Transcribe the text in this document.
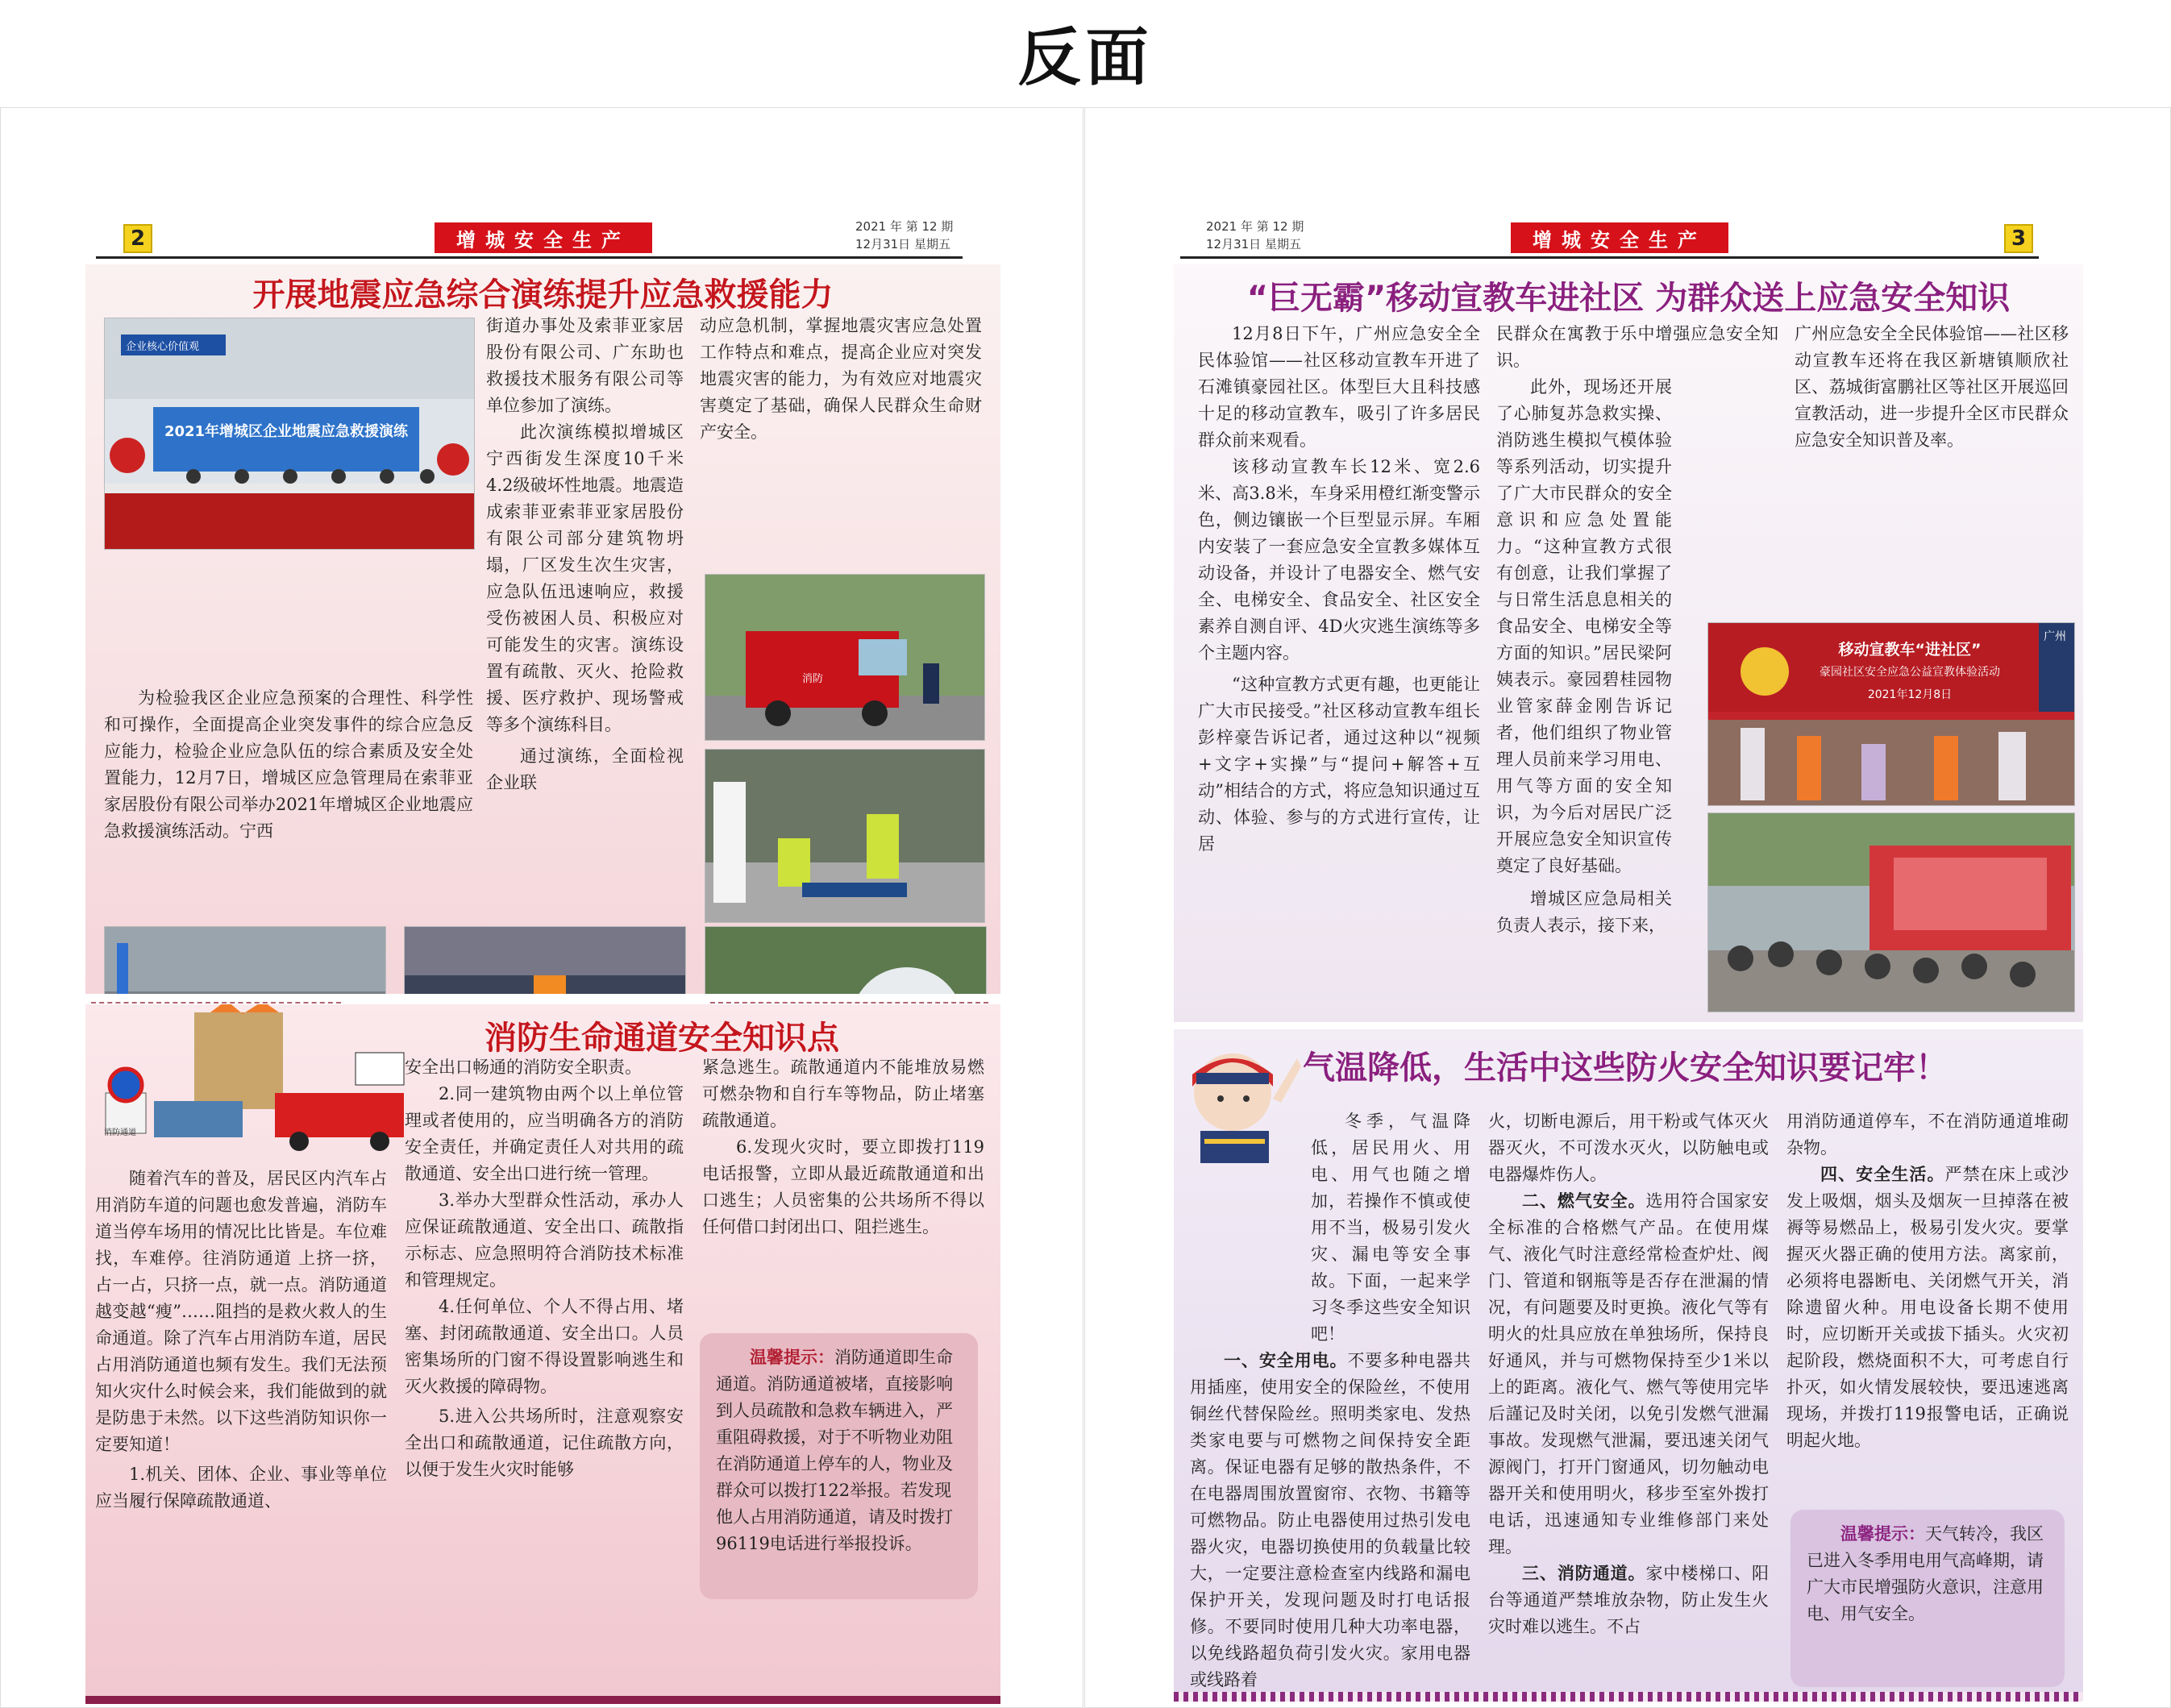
反面
2	增城安全生产
2021 年 第 12 期
12月31日 星期五
开展地震应急综合演练提升应急救援能力
企业核心价值观
2021年增城区企业地震应急救援演练

为检验我区企业应急预案的合理性、科学性和可操作，全面提高企业突发事件的综合应急反应能力，检验企业应急队伍的综合素质及安全处置能力，12月7日，增城区应急管理局在索菲亚家居股份有限公司举办2021年增城区企业地震应急救援演练活动。宁西

街道办事处及索菲亚家居股份有限公司、广东助也救援技术服务有限公司等单位参加了演练。

此次演练模拟增城区宁西街发生深度10千米4.2级破坏性地震。地震造成索菲亚索菲亚家居股份有限公司部分建筑物坍塌，厂区发生次生灾害，应急队伍迅速响应，救援受伤被困人员、积极应对可能发生的灾害。演练设置有疏散、灭火、抢险救援、医疗救护、现场警戒等多个演练科目。

通过演练，全面检视企业联

动应急机制，掌握地震灾害应急处置工作特点和难点，提高企业应对突发地震灾害的能力，为有效应对地震灾害奠定了基础，确保人民群众生命财产安全。

消防
消防生命通道安全知识点
消防通道

随着汽车的普及，居民区内汽车占用消防车道的问题也愈发普遍，消防车道当停车场用的情况比比皆是。车位难找，车难停。往消防通道 上挤一挤，占一占，只挤一点，就一点。消防通道越变越“瘦”……阻挡的是救火救人的生命通道。除了汽车占用消防车道，居民占用消防通道也频有发生。我们无法预知火灾什么时候会来，我们能做到的就是防患于未然。以下这些消防知识你一定要知道！

1.机关、团体、企业、事业等单位应当履行保障疏散通道、

安全出口畅通的消防安全职责。

2.同一建筑物由两个以上单位管理或者使用的，应当明确各方的消防安全责任，并确定责任人对共用的疏散通道、安全出口进行统一管理。

3.举办大型群众性活动，承办人应保证疏散通道、安全出口、疏散指示标志、应急照明符合消防技术标准和管理规定。

4.任何单位、个人不得占用、堵塞、封闭疏散通道、安全出口。人员密集场所的门窗不得设置影响逃生和灭火救援的障碍物。

5.进入公共场所时，注意观察安全出口和疏散通道，记住疏散方向，以便于发生火灾时能够

紧急逃生。疏散通道内不能堆放易燃可燃杂物和自行车等物品，防止堵塞疏散通道。

6.发现火灾时，要立即拨打119电话报警，立即从最近疏散通道和出口逃生；人员密集的公共场所不得以任何借口封闭出口、阻拦逃生。

温馨提示：消防通道即生命通道。消防通道被堵，直接影响到人员疏散和急救车辆进入，严重阻碍救援，对于不听物业劝阻在消防通道上停车的人，物业及群众可以拨打122举报。若发现他人占用消防通道，请及时拨打96119电话进行举报投诉。
2021 年 第 12 期
12月31日 星期五	增城安全生产	3
“巨无霸”移动宣教车进社区 为群众送上应急安全知识

12月8日下午，广州应急安全全民体验馆——社区移动宣教车开进了石滩镇豪园社区。体型巨大且科技感十足的移动宣教车，吸引了许多居民群众前来观看。

该移动宣教车长12米、宽2.6米、高3.8米，车身采用橙红渐变警示色，侧边镶嵌一个巨型显示屏。车厢内安装了一套应急安全宣教多媒体互动设备，并设计了电器安全、燃气安全、电梯安全、食品安全、社区安全素养自测自评、4D火灾逃生演练等多个主题内容。

“这种宣教方式更有趣，也更能让广大市民接受。”社区移动宣教车组长彭梓豪告诉记者，通过这种以“视频+文字+实操”与“提问+解答+互动”相结合的方式，将应急知识通过互动、体验、参与的方式进行宣传，让居

民群众在寓教于乐中增强应急安全知识。

此外，现场还开展了心肺复苏急救实操、消防逃生模拟气模体验等系列活动，切实提升了广大市民群众的安全意识和应急处置能力。“这种宣教方式很有创意，让我们掌握了与日常生活息息相关的食品安全、电梯安全等方面的知识。”居民梁阿姨表示。豪园碧桂园物业管家薛金刚告诉记者，他们组织了物业管理人员前来学习用电、用气等方面的安全知识，为今后对居民广泛开展应急安全知识宣传奠定了良好基础。

增城区应急局相关负责人表示，接下来，

广州应急安全全民体验馆——社区移动宣教车还将在我区新塘镇顺欣社区、荔城街富鹏社区等社区开展巡回宣教活动，进一步提升全区市民群众应急安全知识普及率。

移动宣教车“进社区”
豪园社区安全应急公益宣教体验活动
2021年12月8日
广州
气温降低，生活中这些防火安全知识要记牢！

冬季，气温降低，居民用火、用电、用气也随之增加，若操作不慎或使用不当，极易引发火灾、漏电等安全事故。下面，一起来学习冬季这些安全知识吧！

一、安全用电。不要多种电器共用插座，使用安全的保险丝，不使用铜丝代替保险丝。照明类家电、发热类家电要与可燃物之间保持安全距离。保证电器有足够的散热条件，不在电器周围放置窗帘、衣物、书籍等可燃物品。防止电器使用过热引发电器火灾，电器切换使用的负载量比较大，一定要注意检查室内线路和漏电保护开关，发现问题及时打电话报修。不要同时使用几种大功率电器，以免线路超负荷引发火灾。家用电器或线路着

火，切断电源后，用干粉或气体灭火器灭火，不可泼水灭火，以防触电或电器爆炸伤人。

二、燃气安全。选用符合国家安全标准的合格燃气产品。在使用煤气、液化气时注意经常检查炉灶、阀门、管道和钢瓶等是否存在泄漏的情况，有问题要及时更换。液化气等有明火的灶具应放在单独场所，保持良好通风，并与可燃物保持至少1米以上的距离。液化气、燃气等使用完毕后謹记及时关闭，以免引发燃气泄漏事故。发现燃气泄漏，要迅速关闭气源阀门，打开门窗通风，切勿触动电器开关和使用明火，移步至室外拨打电话，迅速通知专业维修部门来处理。

三、消防通道。家中楼梯口、阳台等通道严禁堆放杂物，防止发生火灾时难以逃生。不占

用消防通道停车，不在消防通道堆砌杂物。

四、安全生活。严禁在床上或沙发上吸烟，烟头及烟灰一旦掉落在被褥等易燃品上，极易引发火灾。要掌握灭火器正确的使用方法。离家前，必须将电器断电、关闭燃气开关，消除遗留火种。用电设备长期不使用时，应切断开关或拔下插头。火灾初起阶段，燃烧面积不大，可考虑自行扑灭，如火情发展较快，要迅速逃离现场，并拨打119报警电话，正确说明起火地。

温馨提示：天气转冷，我区已进入冬季用电用气高峰期，请广大市民增强防火意识，注意用电、用气安全。
